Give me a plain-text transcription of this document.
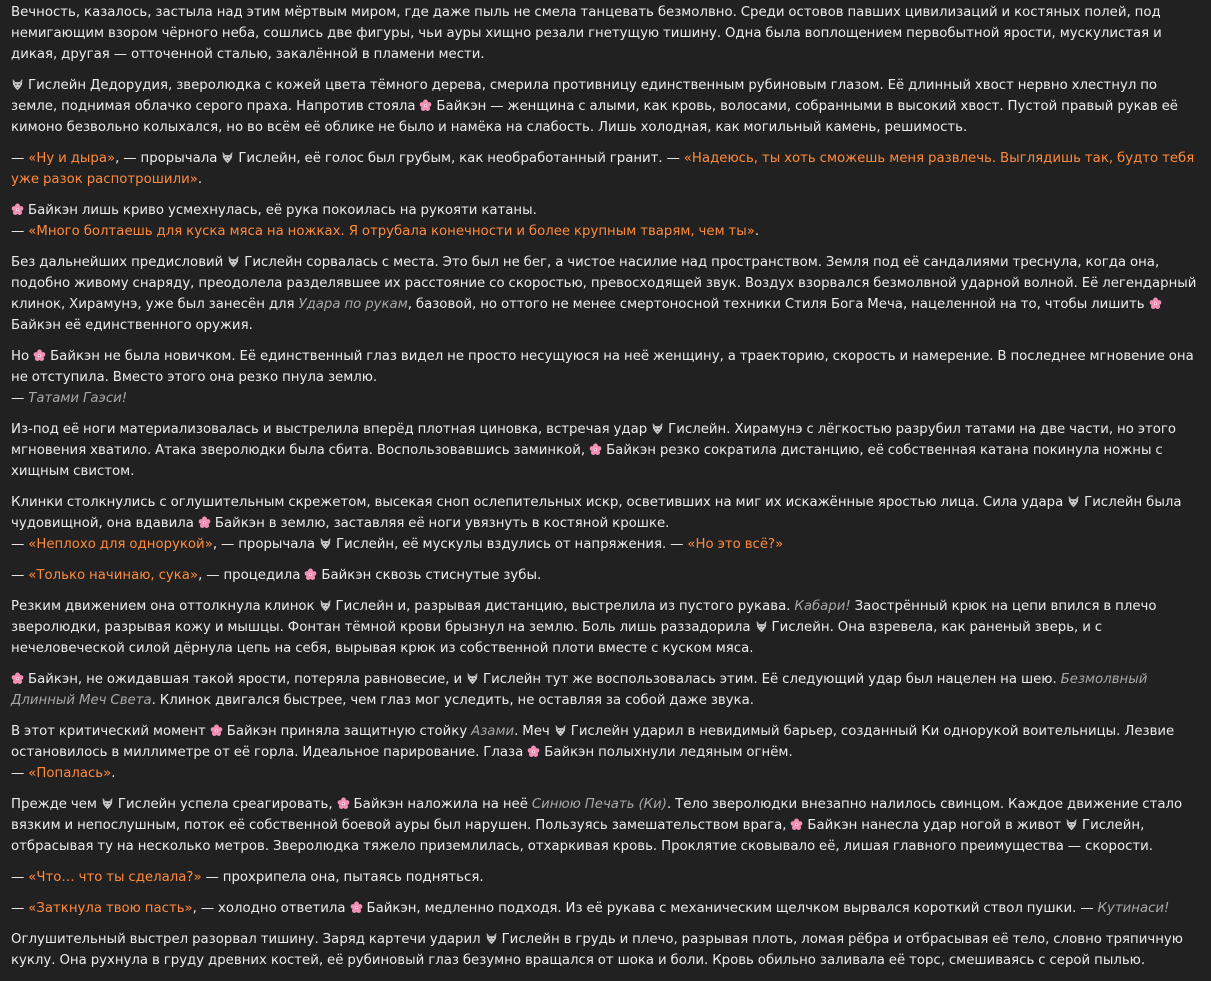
Вечность, казалось, застыла над этим мёртвым миром, где даже пыль не смела танцевать безмолвно. Среди остовов павших цивилизаций и костяных полей, под немигающим взором чёрного неба, сошлись две фигуры, чьи ауры хищно резали гнетущую тишину. Одна была воплощением первобытной ярости, мускулистая и дикая, другая — отточенной сталью, закалённой в пламени мести.

Гислейн Дедорудия, зверолюдка с кожей цвета тёмного дерева, смерила противницу единственным рубиновым глазом. Её длинный хвост нервно хлестнул по земле, поднимая облачко серого праха. Напротив стояла
Байкэн — женщина с алыми, как кровь, волосами, собранными в высокий хвост. Пустой правый рукав её кимоно безвольно колыхался, но во всём её облике не было и намёка на слабость. Лишь холодная, как могильный камень, решимость.

— «Ну и дыра», — прорычала
Гислейн, её голос был грубым, как необработанный гранит. — «Надеюсь, ты хоть сможешь меня развлечь. Выглядишь так, будто тебя уже разок распотрошили».

Байкэн лишь криво усмехнулась, её рука покоилась на рукояти катаны.
— «Много болтаешь для куска мяса на ножках. Я отрубала конечности и более крупным тварям, чем ты».

Без дальнейших предисловий
Гислейн сорвалась с места. Это был не бег, а чистое насилие над пространством. Земля под её сандалиями треснула, когда она, подобно живому снаряду, преодолела разделявшее их расстояние со скоростью, превосходящей звук. Воздух взорвался безмолвной ударной волной. Её легендарный клинок, Хирамунэ, уже был занесён для Удара по рукам, базовой, но оттого не менее смертоносной техники Стиля Бога Меча, нацеленной на то, чтобы лишить
Байкэн её единственного оружия.

Но
Байкэн не была новичком. Её единственный глаз видел не просто несущуюся на неё женщину, а траекторию, скорость и намерение. В последнее мгновение она не отступила. Вместо этого она резко пнула землю.
— Татами Гаэси!

Из-под её ноги материализовалась и выстрелила вперёд плотная циновка, встречая удар
Гислейн. Хирамунэ с лёгкостью разрубил татами на две части, но этого мгновения хватило. Атака зверолюдки была сбита. Воспользовавшись заминкой,
Байкэн резко сократила дистанцию, её собственная катана покинула ножны с хищным свистом.

Клинки столкнулись с оглушительным скрежетом, высекая сноп ослепительных искр, осветивших на миг их искажённые яростью лица. Сила удара
Гислейн была чудовищной, она вдавила
Байкэн в землю, заставляя её ноги увязнуть в костяной крошке.
— «Неплохо для однорукой», — прорычала
Гислейн, её мускулы вздулись от напряжения. — «Но это всё?»

— «Только начинаю, сука», — процедила
Байкэн сквозь стиснутые зубы.

Резким движением она оттолкнула клинок
Гислейн и, разрывая дистанцию, выстрелила из пустого рукава. Кабари! Заострённый крюк на цепи впился в плечо зверолюдки, разрывая кожу и мышцы. Фонтан тёмной крови брызнул на землю. Боль лишь раззадорила
Гислейн. Она взревела, как раненый зверь, и с нечеловеческой силой дёрнула цепь на себя, вырывая крюк из собственной плоти вместе с куском мяса.

Байкэн, не ожидавшая такой ярости, потеряла равновесие, и
Гислейн тут же воспользовалась этим. Её следующий удар был нацелен на шею. Безмолвный Длинный Меч Света. Клинок двигался быстрее, чем глаз мог уследить, не оставляя за собой даже звука.

В этот критический момент
Байкэн приняла защитную стойку Азами. Меч
Гислейн ударил в невидимый барьер, созданный Ки однорукой воительницы. Лезвие остановилось в миллиметре от её горла. Идеальное парирование. Глаза
Байкэн полыхнули ледяным огнём.
— «Попалась».

Прежде чем
Гислейн успела среагировать,
Байкэн наложила на неё Синюю Печать (Ки). Тело зверолюдки внезапно налилось свинцом. Каждое движение стало вязким и непослушным, поток её собственной боевой ауры был нарушен. Пользуясь замешательством врага,
Байкэн нанесла удар ногой в живот
Гислейн, отбрасывая ту на несколько метров. Зверолюдка тяжело приземлилась, отхаркивая кровь. Проклятие сковывало её, лишая главного преимущества — скорости.

— «Что… что ты сделала?» — прохрипела она, пытаясь подняться.

— «Заткнула твою пасть», — холодно ответила
Байкэн, медленно подходя. Из её рукава с механическим щелчком вырвался короткий ствол пушки. — Кутинаси!

Оглушительный выстрел разорвал тишину. Заряд картечи ударил
Гислейн в грудь и плечо, разрывая плоть, ломая рёбра и отбрасывая её тело, словно тряпичную куклу. Она рухнула в груду древних костей, её рубиновый глаз безумно вращался от шока и боли. Кровь обильно заливала её торс, смешиваясь с серой пылью.
